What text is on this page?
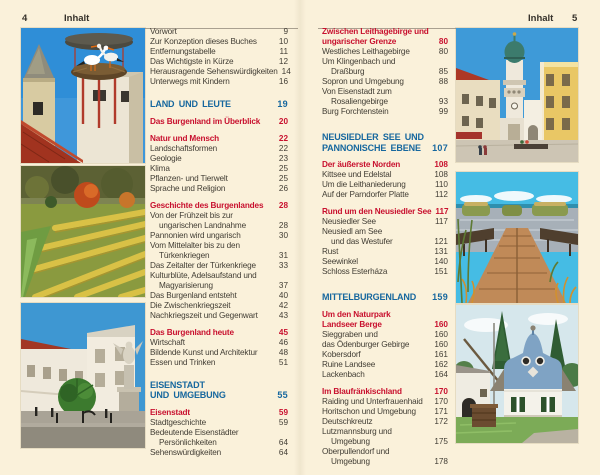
4	Inhalt	Inhalt 5
Vorwort	9
Zur Konzeption dieses Buches	10
Entfernungstabelle	11
Das Wichtigste in Kürze	12
Herausragende Sehenswürdigkeiten 14
Unterwegs mit Kindern	16
LAND UND LEUTE	19
Das Burgenland im Überblick	20
Natur und Mensch	22
Landschaftsformen	22
Geologie	23
Klima	25
Pflanzen- und Tierwelt	25
Sprache und Religion	26
Geschichte des Burgenlandes	28
Von der Frühzeit bis zur
ungarischen Landnahme	28
Pannonien wird ungarisch	30
Vom Mittelalter bis zu den
Türkenkriegen	31
Das Zeitalter der Türkenkriege	33
Kulturblüte, Adelsaufstand und
Magyarisierung	37
Das Burgenland entsteht	40
Die Zwischenkriegszeit	42
Nachkriegszeit und Gegenwart	43
Das Burgenland heute	45
Wirtschaft	46
Bildende Kunst und Architektur	48
Essen und Trinken	51
EISENSTADT
UND UMGEBUNG	55
Eisenstadt	59
Stadtgeschichte	59
Bedeutende Eisenstädter
Persönlichkeiten	64
Sehenswürdigkeiten	64
Zwischen Leithagebirge und
ungarischer Grenze	80
Westliches Leithagebirge	80
Um Klingenbach und
Draßburg	85
Sopron und Umgebung	88
Von Eisenstadt zum
Rosaliengebirge	93
Burg Forchtenstein	99
NEUSIEDLER SEE UND
PANNONISCHE EBENE	107
Der äußerste Norden	108
Kittsee und Edelstal	108
Um die Leithaniederung	110
Auf der Parndorfer Platte	112
Rund um den Neusiedler See 117
Neusiedler See	117
Neusiedl am See
und das Westufer	121
Rust	131
Seewinkel	140
Schloss Esterháza	151
MITTELBURGENLAND	159
Um den Naturpark
Landseer Berge	160
Sieggraben und	160
das Ödenburger Gebirge	160
Kobersdorf	161
Ruine Landsee	162
Lackenbach	164
Im Blaufränkischland	170
Raiding und Unterfrauenhaid	170
Horitschon und Umgebung	171
Deutschkreutz	172
Lutzmannsburg und
Umgebung	175
Oberpullendorf und
Umgebung	178
